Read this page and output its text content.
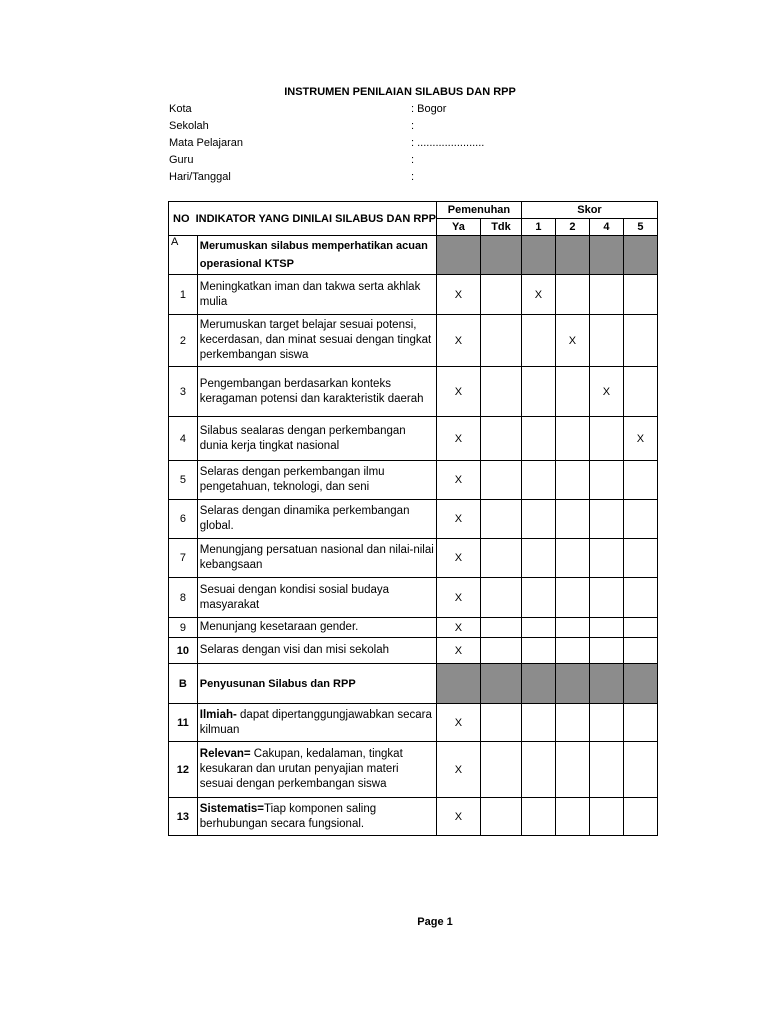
INSTRUMEN PENILAIAN SILABUS DAN RPP
Kota	: Bogor
Sekolah	:
Mata Pelajaran	: ......................
Guru	:
Hari/Tanggal	:
NO INDIKATOR YANG DINILAI SILABUS DAN RPP		Pemenuhan		Skor			
		Ya	Tdk	1	2	4	5
A	Merumuskan silabus memperhatikan acuan operasional KTSP						
1	Meningkatkan iman dan takwa serta akhlak mulia	X		X			
2	Merumuskan target belajar sesuai potensi, kecerdasan, dan minat sesuai dengan tingkat perkembangan siswa	X			X		
3	Pengembangan berdasarkan konteks keragaman potensi dan karakteristik daerah	X				X	
4	Silabus sealaras dengan perkembangan dunia kerja tingkat nasional	X					X
5	Selaras dengan perkembangan ilmu pengetahuan, teknologi, dan seni	X					
6	Selaras dengan dinamika perkembangan global.	X					
7	Menungjang persatuan nasional dan nilai-nilai kebangsaan	X					
8	Sesuai dengan kondisi sosial budaya masyarakat	X					
9	Menunjang kesetaraan gender.	X					
10	Selaras dengan visi dan misi sekolah	X					
B	Penyusunan Silabus dan RPP						
11	Ilmiah- dapat dipertanggungjawabkan secara kilmuan	X					
12	Relevan= Cakupan, kedalaman, tingkat kesukaran dan urutan penyajian materi sesuai dengan perkembangan siswa	X					
13	Sistematis=Tiap komponen saling berhubungan secara fungsional.	X					
Page 1
